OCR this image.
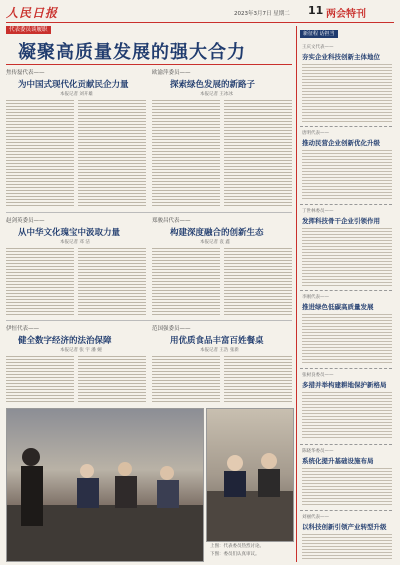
人民日报	2023年3月7日 星期二 11 两会特刊
代表委员谈履职
凝聚高质量发展的强大合力
焦传磊代表——
为中国式现代化贡献民企力量
本报记者 刘开雄
欧渝萍委员——
探索绿色发展的新路子
本报记者 王冰冰
赵剑英委员——
从中华文化瑰宝中汲取力量
本报记者 邓 洁
郑骏昌代表——
构建深度融合的创新生态
本报记者 袁 鑫
伊恒代表——
健全数字经济的法治保障
本报记者 张 宇 潘 婉
范国强委员——
用优质食品丰富百姓餐桌
本报记者 王浩 张新
上图：代表委员热烈讨论。
下图：委员们认真审议。
新征程 话担当
王庆文代表——
夯实企业科技创新主体地位
唐明代表——
推动民营企业创新优化升级
丁世林委员——
发挥科技骨干企业引领作用
李刚代表——
推进绿色低碳高质量发展
张树良委员——
多措并举构建耕地保护新格局
陈晓华委员——
系统化提升基础设施布局
刘丽代表——
以科技创新引领产业转型升级
